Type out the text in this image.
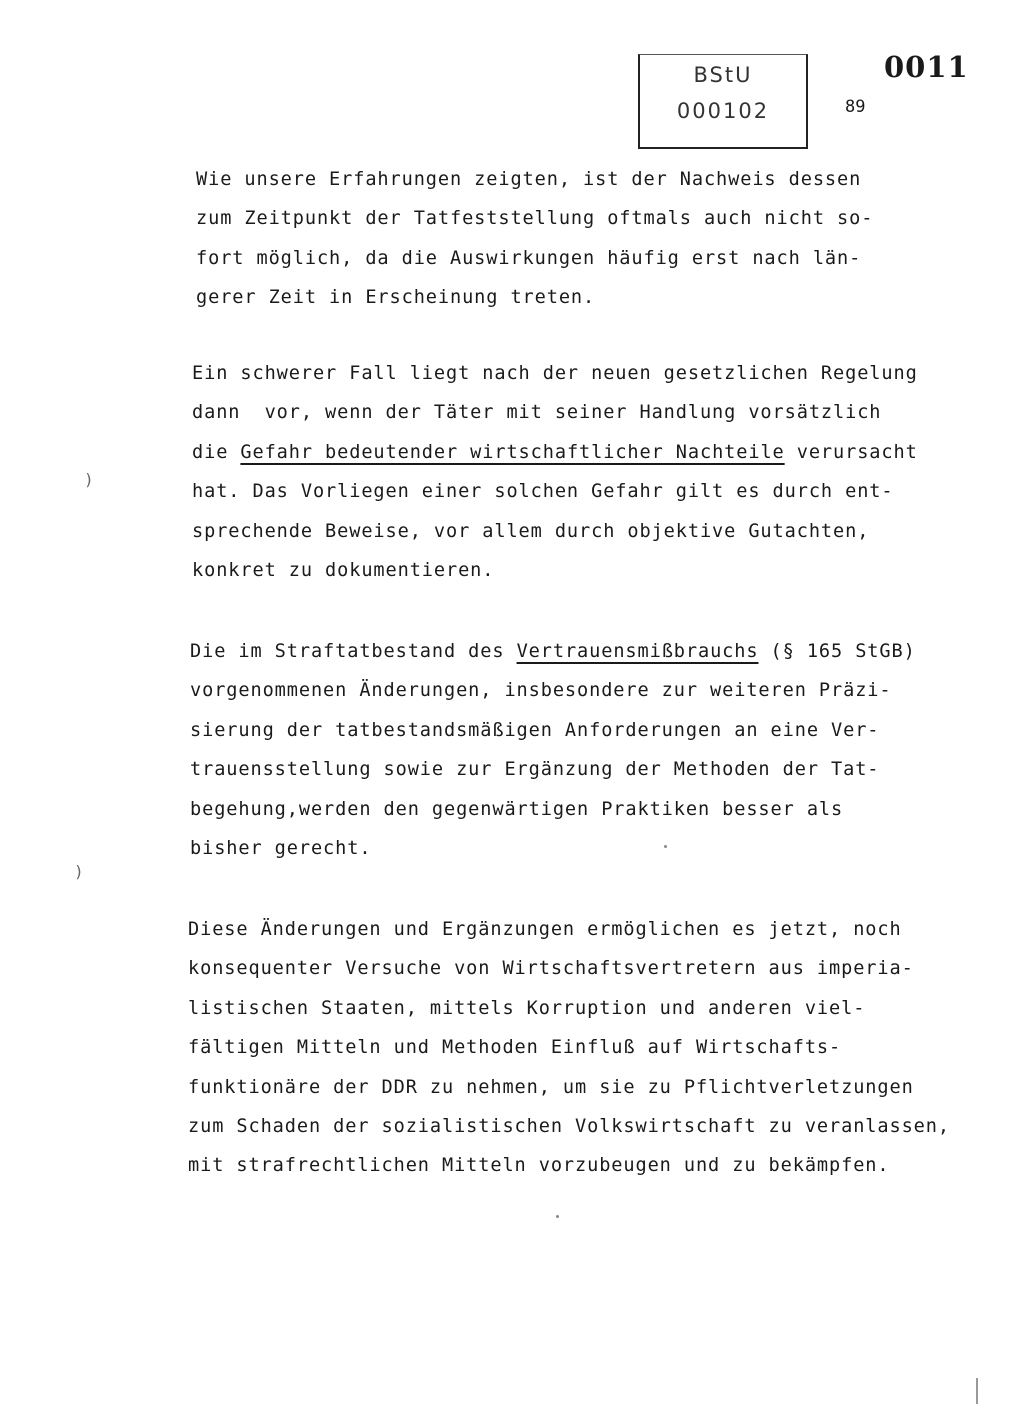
BStU
000102
0011
89
Wie unsere Erfahrungen zeigten, ist der Nachweis dessen
zum Zeitpunkt der Tatfeststellung oftmals auch nicht so-
fort möglich, da die Auswirkungen häufig erst nach län-
gerer Zeit in Erscheinung treten.
Ein schwerer Fall liegt nach der neuen gesetzlichen Regelung
dann  vor, wenn der Täter mit seiner Handlung vorsätzlich
die Gefahr bedeutender wirtschaftlicher Nachteile verursacht
hat. Das Vorliegen einer solchen Gefahr gilt es durch ent-
sprechende Beweise, vor allem durch objektive Gutachten,
konkret zu dokumentieren.
Die im Straftatbestand des Vertrauensmißbrauchs (§ 165 StGB)
vorgenommenen Änderungen, insbesondere zur weiteren Präzi-
sierung der tatbestandsmäßigen Anforderungen an eine Ver-
trauensstellung sowie zur Ergänzung der Methoden der Tat-
begehung,werden den gegenwärtigen Praktiken besser als
bisher gerecht.
Diese Änderungen und Ergänzungen ermöglichen es jetzt, noch
konsequenter Versuche von Wirtschaftsvertretern aus imperia-
listischen Staaten, mittels Korruption und anderen viel-
fältigen Mitteln und Methoden Einfluß auf Wirtschafts-
funktionäre der DDR zu nehmen, um sie zu Pflichtverletzungen
zum Schaden der sozialistischen Volkswirtschaft zu veranlassen,
mit strafrechtlichen Mitteln vorzubeugen und zu bekämpfen.
)
)
